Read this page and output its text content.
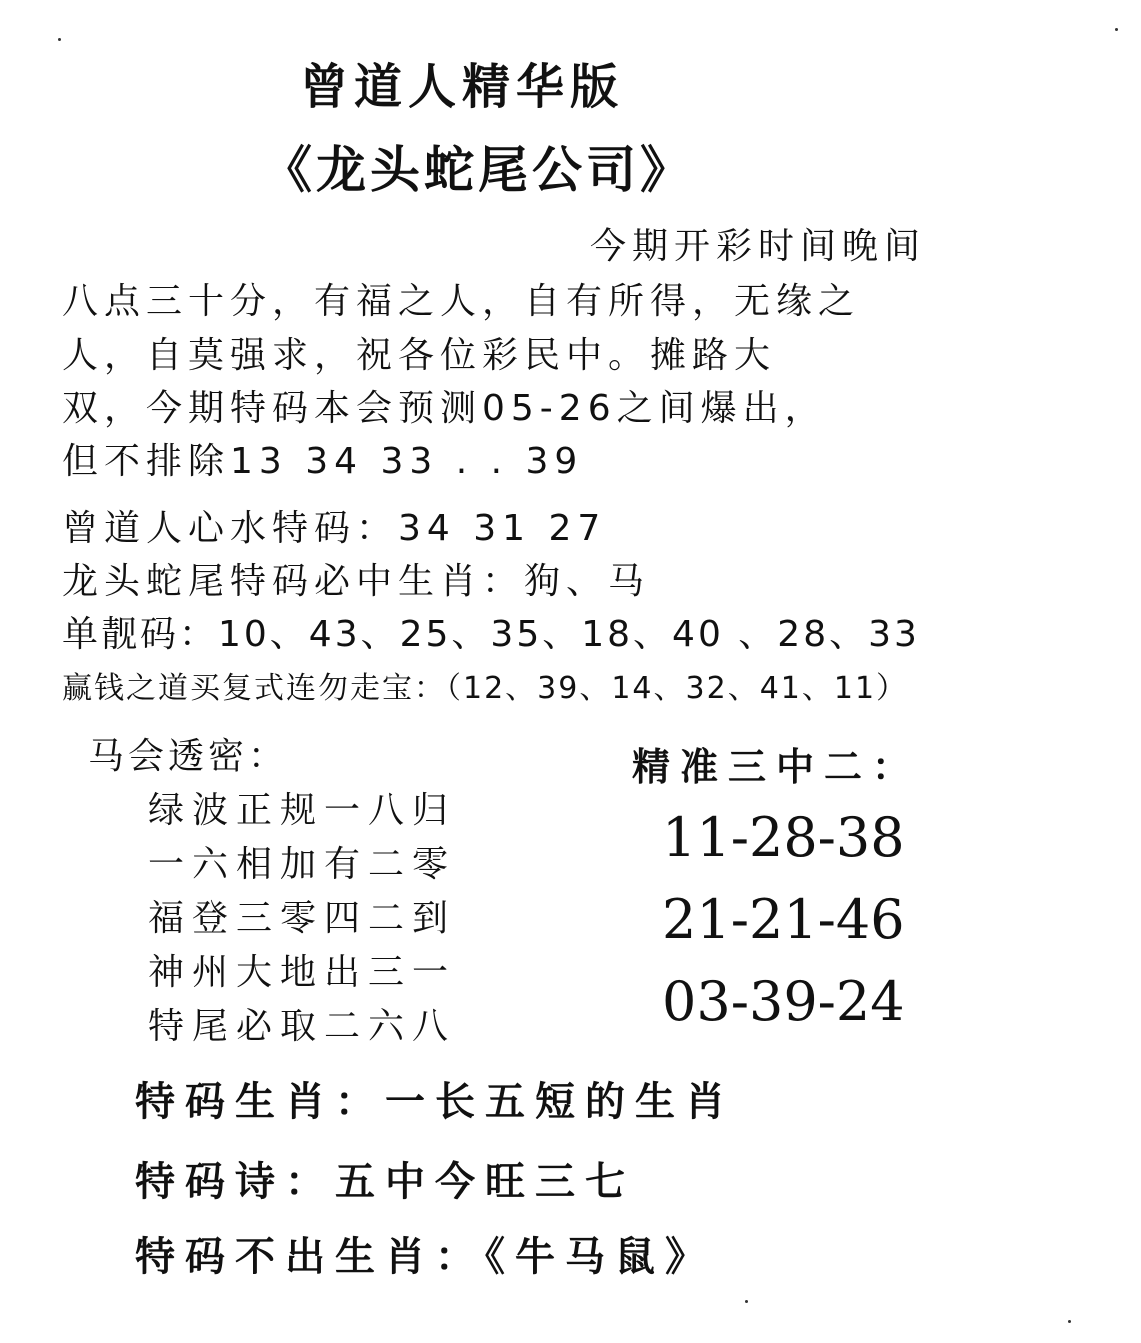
曾道人精华版
《龙头蛇尾公司》
今期开彩时间晚间
八点三十分，有福之人，自有所得，无缘之
人，自莫强求，祝各位彩民中。摊路大
双，今期特码本会预测05-26之间爆出，
但不排除13 34 33 . . 39
曾道人心水特码：34 31 27
龙头蛇尾特码必中生肖：狗、马
单靓码：10、43、25、35、18、40 、28、33
赢钱之道买复式连勿走宝：（12、39、14、32、41、11）
马会透密：
绿波正规一八归
一六相加有二零
福登三零四二到
神州大地出三一
特尾必取二六八
精准三中二：
11-28-38
21-21-46
03-39-24
特码生肖：一长五短的生肖
特码诗：五中今旺三七
特码不出生肖：《牛马鼠》
